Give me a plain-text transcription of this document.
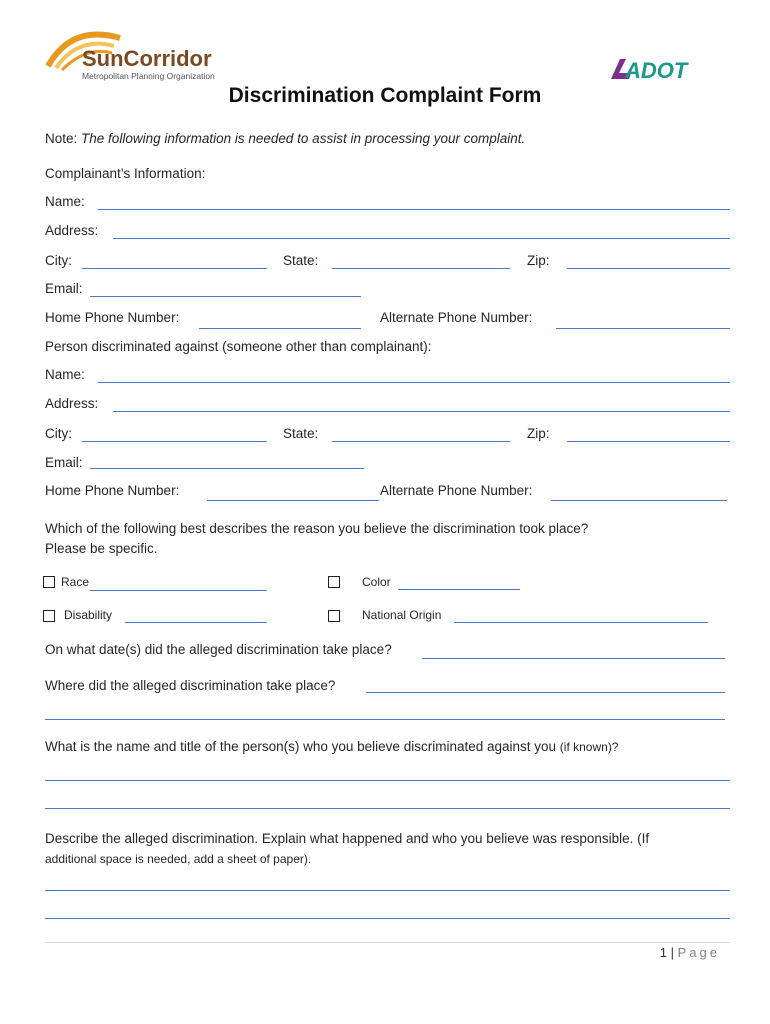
SunCorridor
Metropolitan Planning Organization	ADOT
Discrimination Complaint Form
Note: The following information is needed to assist in processing your complaint.
Complainant’s Information:
Name:
Address:
City:	State:	Zip:
Email:
Home Phone Number:	Alternate Phone Number:
Person discriminated against (someone other than complainant):
Name:
Address:
City:	State:	Zip:
Email:
Home Phone Number:	Alternate Phone Number:
Which of the following best describes the reason you believe the discrimination took place?
Please be specific.
Race	Color
Disability	National Origin
On what date(s) did the alleged discrimination take place?
Where did the alleged discrimination take place?
What is the name and title of the person(s) who you believe discriminated against you (if known)?
Describe the alleged discrimination. Explain what happened and who you believe was responsible. (If
additional space is needed, add a sheet of paper).
1 | Page
